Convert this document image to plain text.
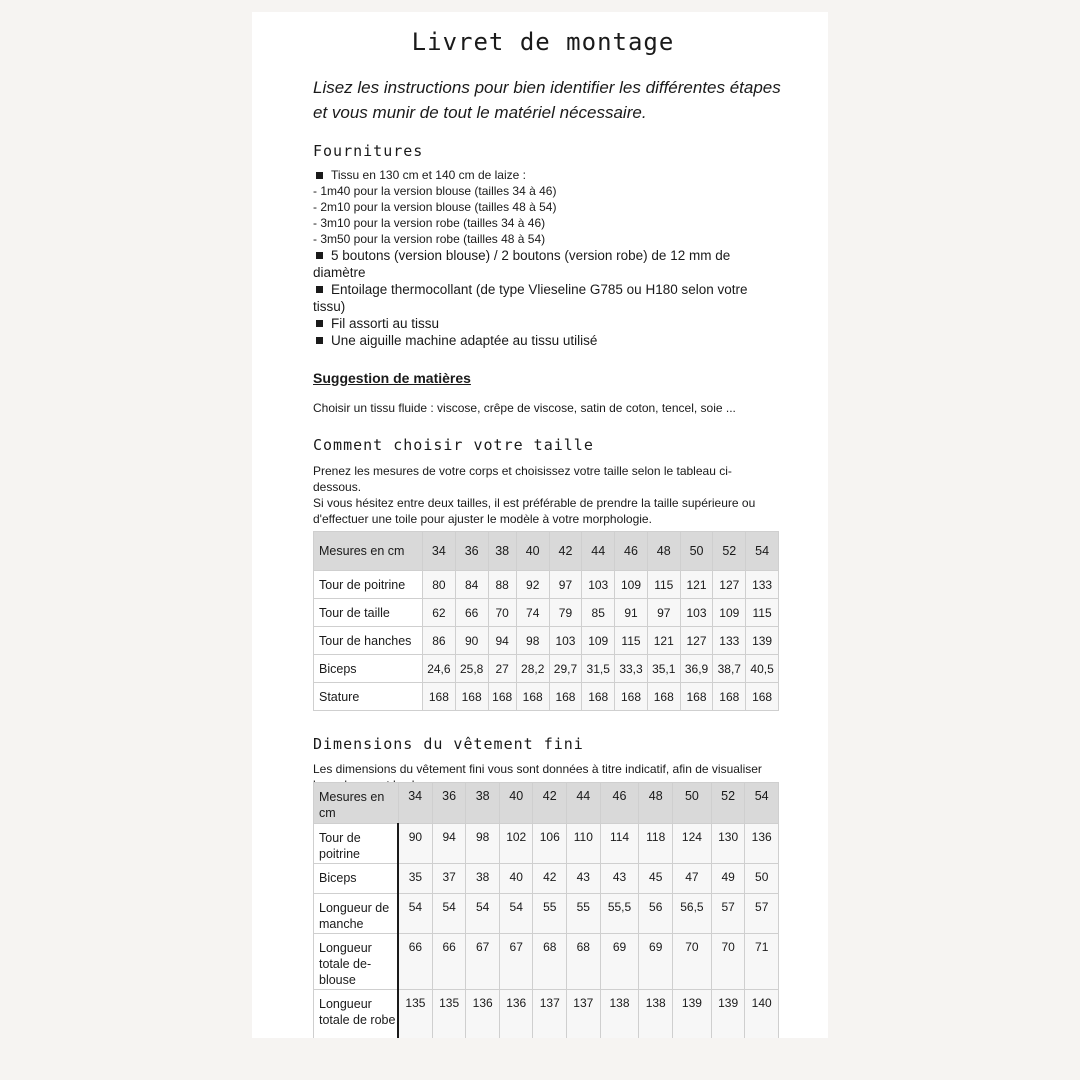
Livret de montage
Lisez les instructions pour bien identifier les différentes étapes et vous munir de tout le matériel nécessaire.
Fournitures

Tissu en 130 cm et 140 cm de laize :

- 1m40 pour la version blouse (tailles 34 à 46)

- 2m10 pour la version blouse (tailles 48 à 54)

- 3m10 pour la version robe (tailles 34 à 46)

- 3m50 pour la version robe (tailles 48 à 54)

5 boutons (version blouse) / 2 boutons (version robe) de 12 mm de diamètre

Entoilage thermocollant (de type Vlieseline G785 ou H180 selon votre tissu)

Fil assorti au tissu

Une aiguille machine adaptée au tissu utilisé

Suggestion de matières
Choisir un tissu fluide : viscose, crêpe de viscose, satin de coton, tencel, soie ...
Comment choisir votre taille

Prenez les mesures de votre corps et choisissez votre taille selon le tableau ci-dessous.

Si vous hésitez entre deux tailles, il est préférable de prendre la taille supérieure ou d'effectuer une toile pour ajuster le modèle à votre morphologie.

Mesures en cm	34	36	38	40	42	44	46	48	50	52	54
Tour de poitrine	80	84	88	92	97	103	109	115	121	127	133
Tour de taille	62	66	70	74	79	85	91	97	103	109	115
Tour de hanches	86	90	94	98	103	109	115	121	127	133	139
Biceps	24,6	25,8	27	28,2	29,7	31,5	33,3	35,1	36,9	38,7	40,5
Stature	168	168	168	168	168	168	168	168	168	168	168
Dimensions du vêtement fini
Les dimensions du vêtement fini vous sont données à titre indicatif, afin de visualiser
Mesures en cm	34	36	38	40	42	44	46	48	50	52	54
Tour de poitrine	90	94	98	102	106	110	114	118	124	130	136
Biceps	35	37	38	40	42	43	43	45	47	49	50
Longueur de manche	54	54	54	54	55	55	55,5	56	56,5	57	57
Longueur totale de-blouse	66	66	67	67	68	68	69	69	70	70	71
Longueur totale de robe	135	135	136	136	137	137	138	138	139	139	140
